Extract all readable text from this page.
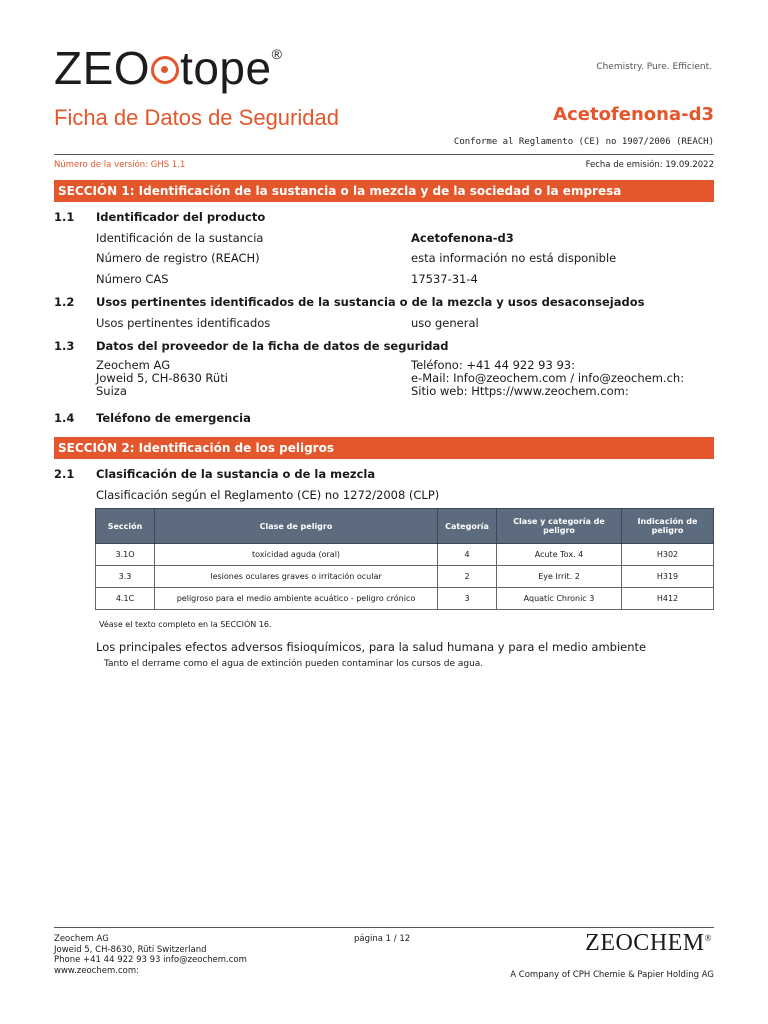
ZEO tope®
Chemistry. Pure. Efficient.
Ficha de Datos de Seguridad	Acetofenona-d3
Conforme al Reglamento (CE) no 1907/2006 (REACH)
Número de la versión: GHS 1.1	Fecha de emisión: 19.09.2022
SECCIÓN 1: Identificación de la sustancia o la mezcla y de la sociedad o la empresa
1.1 Identificador del producto
Identificación de la sustancia	Acetofenona-d3
Número de registro (REACH)	esta información no está disponible
Número CAS	17537-31-4
1.2 Usos pertinentes identificados de la sustancia o de la mezcla y usos desaconsejados
Usos pertinentes identificados	uso general
1.3 Datos del proveedor de la ficha de datos de seguridad
Zeochem AG
Joweid 5, CH-8630 Rüti
Suiza
Teléfono: +41 44 922 93 93:
e-Mail: Info@zeochem.com / info@zeochem.ch:
Sitio web: Https://www.zeochem.com:
1.4 Teléfono de emergencia
SECCIÓN 2: Identificación de los peligros
2.1 Clasificación de la sustancia o de la mezcla
Clasificación según el Reglamento (CE) no 1272/2008 (CLP)
Sección	Clase de peligro	Categoría	Clase y categoría de peligro	Indicación de peligro
3.1O	toxicidad aguda (oral)	4	Acute Tox. 4	H302
3.3	lesiones oculares graves o irritación ocular	2	Eye Irrit. 2	H319
4.1C	peligroso para el medio ambiente acuático - peligro crónico	3	Aquatic Chronic 3	H412
Véase el texto completo en la SECCIÓN 16.
Los principales efectos adversos fisioquímicos, para la salud humana y para el medio ambiente
Tanto el derrame como el agua de extinción pueden contaminar los cursos de agua.
Zeochem AG
Joweid 5, CH-8630, Rüti Switzerland
Phone +41 44 922 93 93 info@zeochem.com
www.zeochem.com:
página 1 / 12	ZEOCHEM®
A Company of CPH Chemie & Papier Holding AG
